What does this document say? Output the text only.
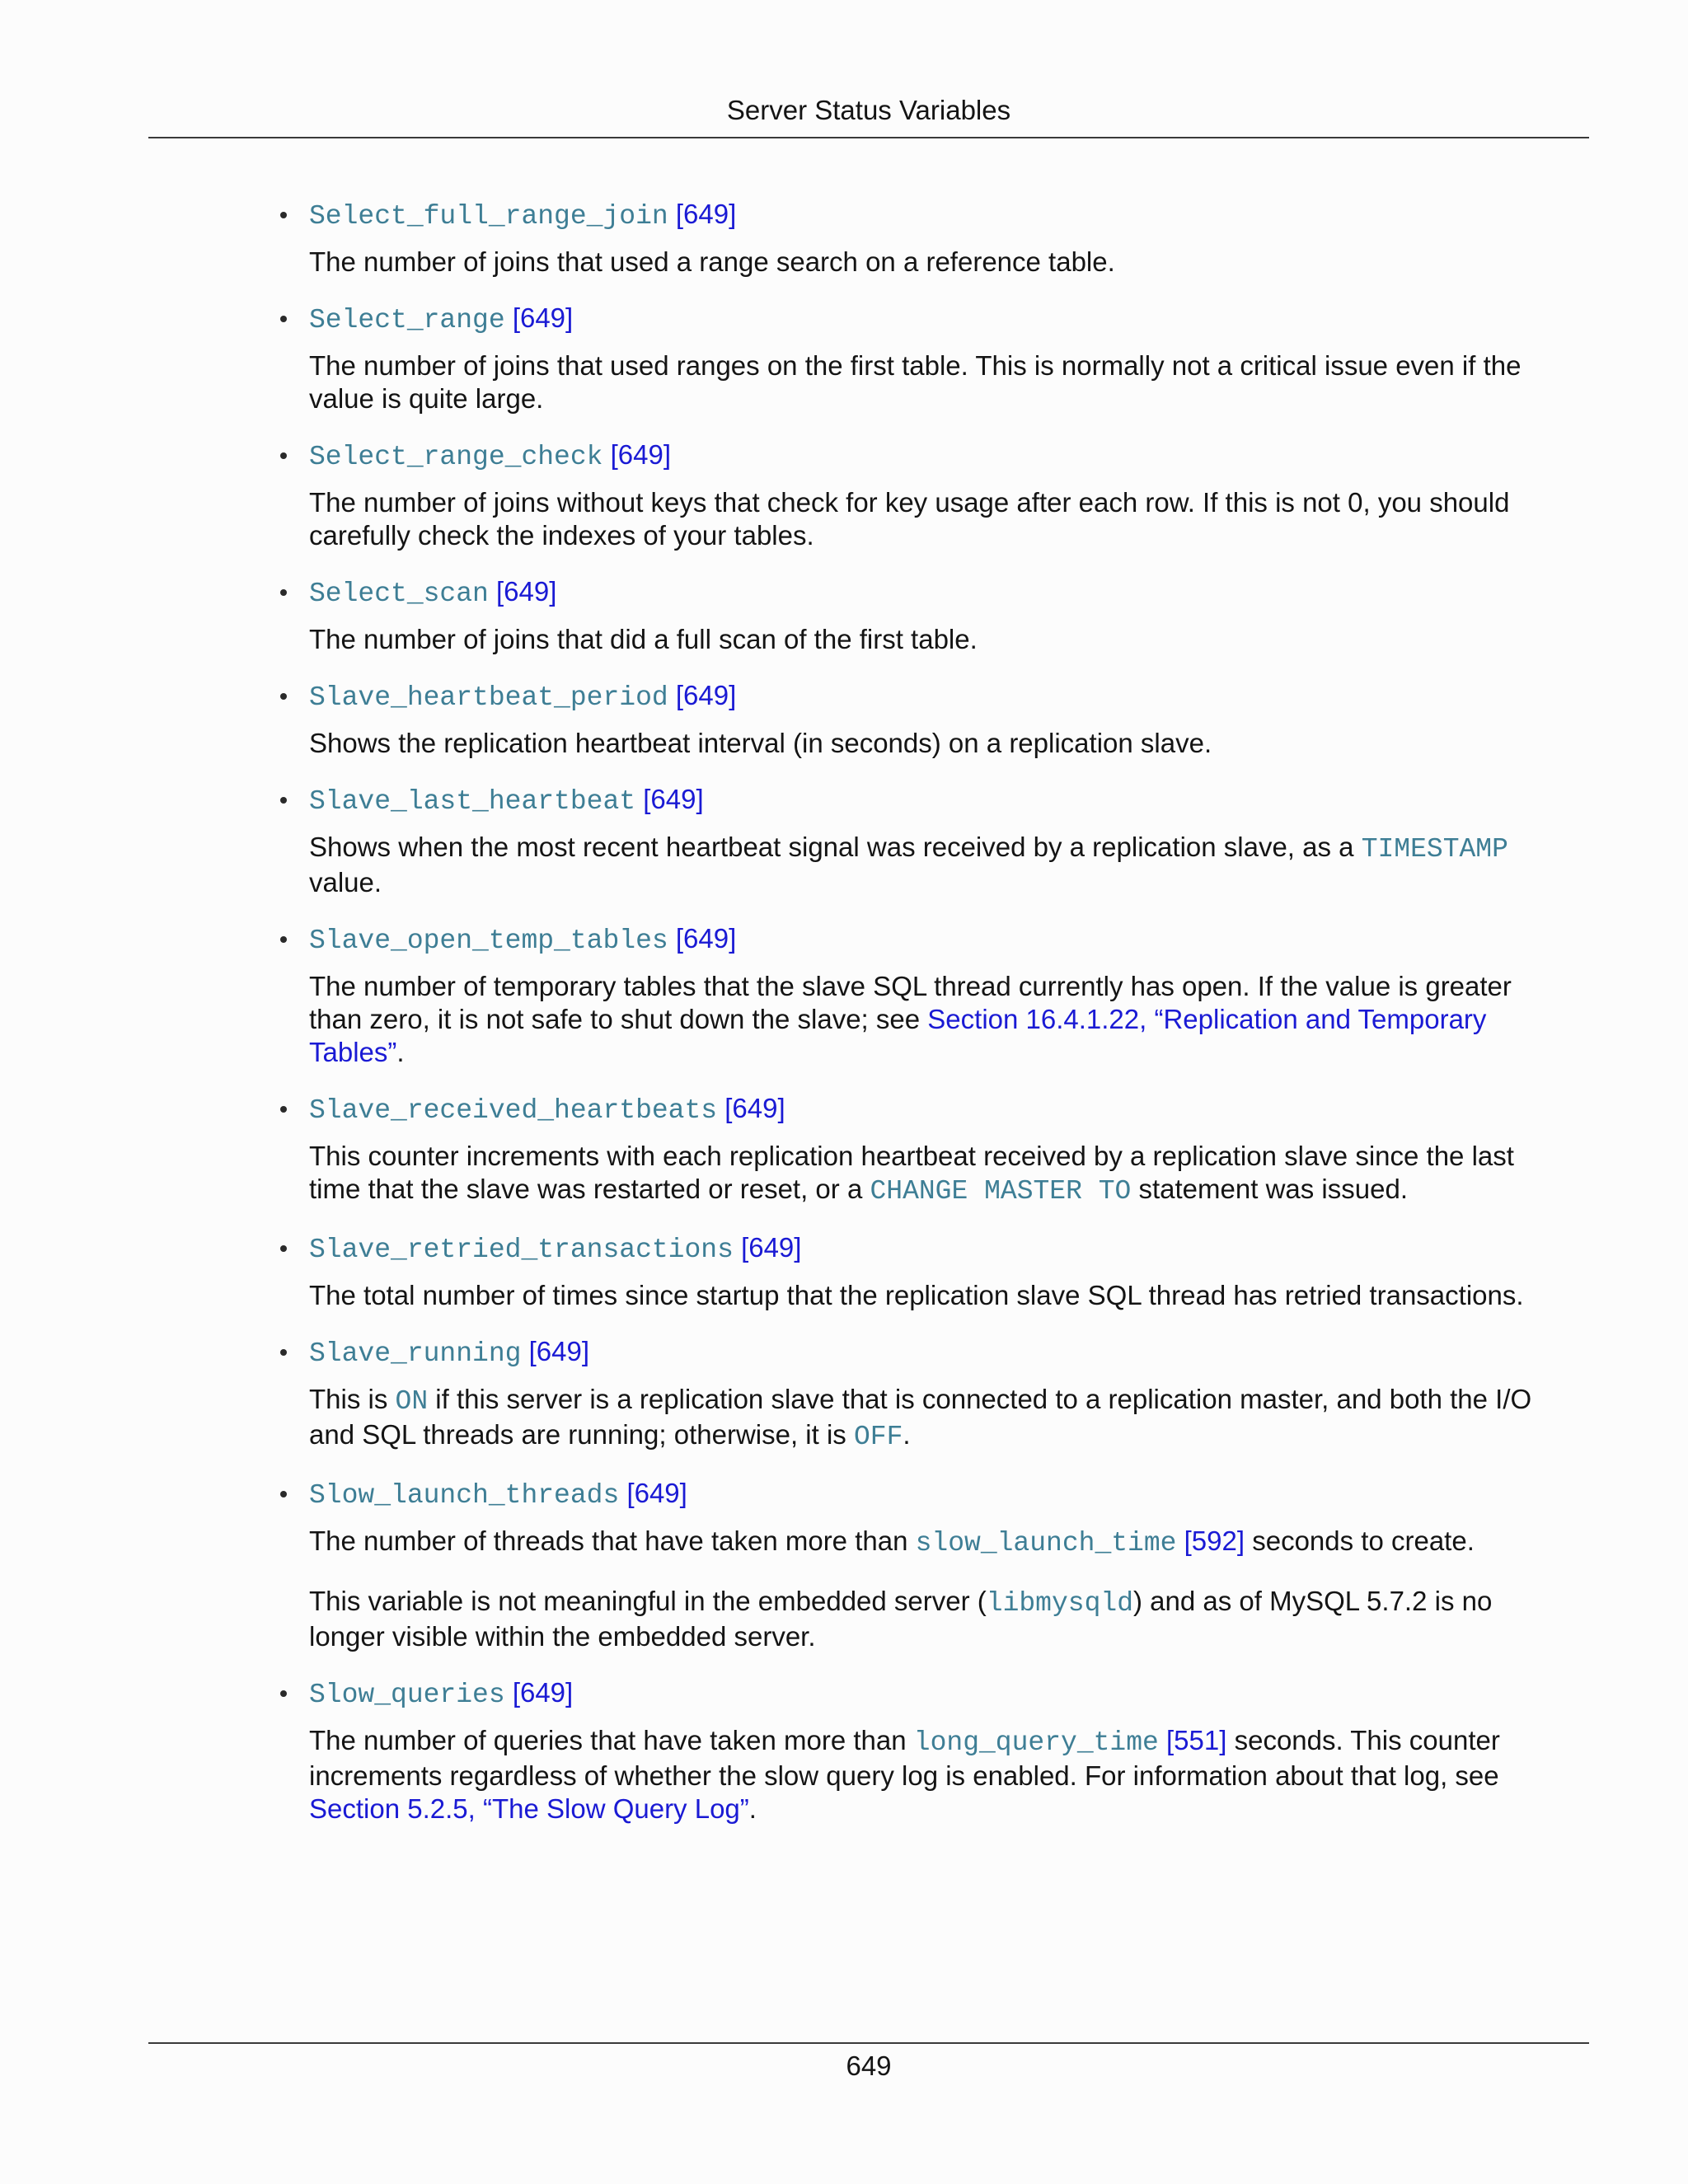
Server Status Variables
Select_full_range_join [649]

The number of joins that used a range search on a reference table.

Select_range [649]

The number of joins that used ranges on the first table. This is normally not a critical issue even if the value is quite large.

Select_range_check [649]

The number of joins without keys that check for key usage after each row. If this is not 0, you should carefully check the indexes of your tables.

Select_scan [649]

The number of joins that did a full scan of the first table.

Slave_heartbeat_period [649]

Shows the replication heartbeat interval (in seconds) on a replication slave.

Slave_last_heartbeat [649]

Shows when the most recent heartbeat signal was received by a replication slave, as a TIMESTAMP value.

Slave_open_temp_tables [649]

The number of temporary tables that the slave SQL thread currently has open. If the value is greater than zero, it is not safe to shut down the slave; see Section 16.4.1.22, “Replication and Temporary Tables”.

Slave_received_heartbeats [649]

This counter increments with each replication heartbeat received by a replication slave since the last time that the slave was restarted or reset, or a CHANGE MASTER TO statement was issued.

Slave_retried_transactions [649]

The total number of times since startup that the replication slave SQL thread has retried transactions.

Slave_running [649]

This is ON if this server is a replication slave that is connected to a replication master, and both the I/O and SQL threads are running; otherwise, it is OFF.

Slow_launch_threads [649]

The number of threads that have taken more than slow_launch_time [592] seconds to create.

This variable is not meaningful in the embedded server (libmysqld) and as of MySQL 5.7.2 is no longer visible within the embedded server.

Slow_queries [649]

The number of queries that have taken more than long_query_time [551] seconds. This counter increments regardless of whether the slow query log is enabled. For information about that log, see Section 5.2.5, “The Slow Query Log”.

649
